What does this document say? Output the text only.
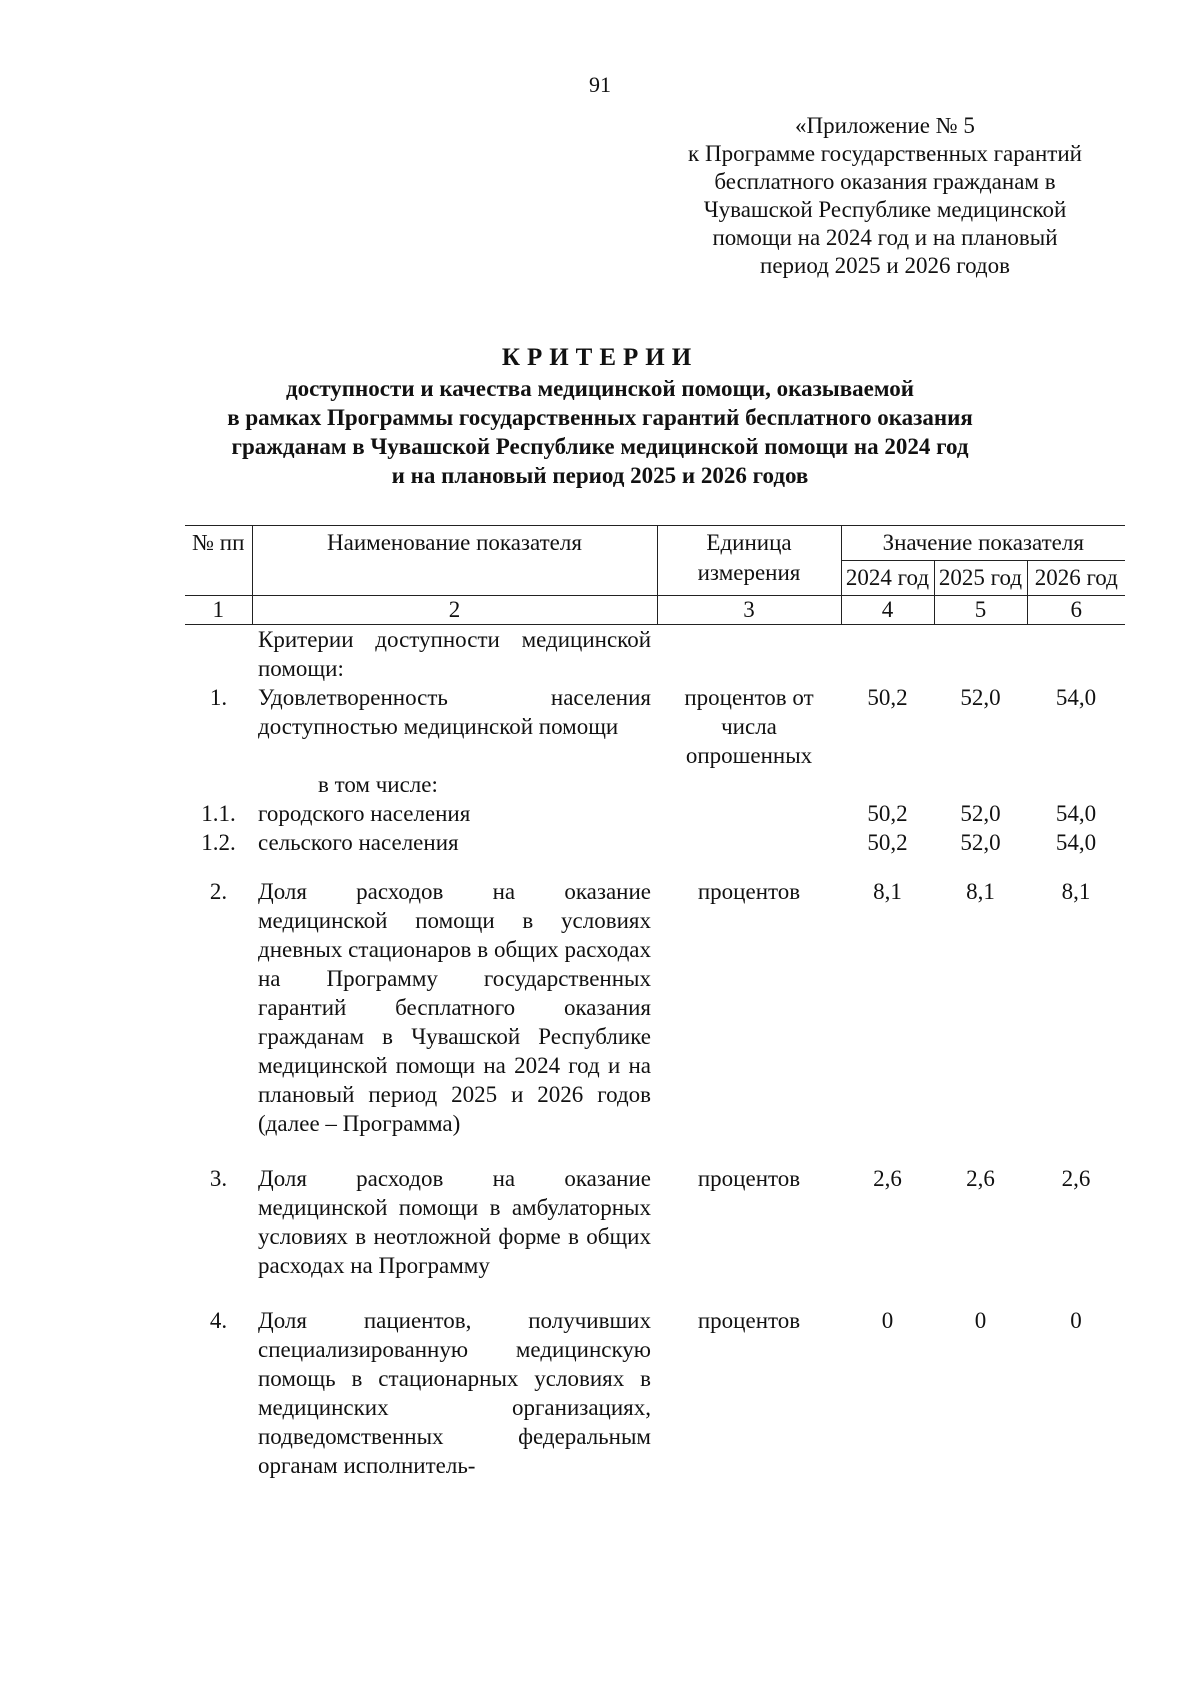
91
«Приложение № 5
к Программе государственных гарантий
бесплатного оказания гражданам в
Чувашской Республике медицинской
помощи на 2024 год и на плановый
период 2025 и 2026 годов
КРИТЕРИИ
доступности и качества медицинской помощи, оказываемой
в рамках Программы государственных гарантий бесплатного оказания
гражданам в Чувашской Республике медицинской помощи на 2024 год
и на плановый период 2025 и 2026 годов
№ пп	Наименование показателя	Единица измерения	Значение показателя		
			2024 год	2025 год	2026 год
1	2	3	4	5	6
	Критерии доступности медицинской помощи:				
1.	Удовлетворенность населения доступностью медицинской помощи	процентов от числа опрошенных	50,2	52,0	54,0
	в том числе:				
1.1.	городского населения		50,2	52,0	54,0
1.2.	сельского населения		50,2	52,0	54,0

2.	Доля расходов на оказание медицинской помощи в условиях дневных стационаров в общих расходах на Программу государственных гарантий бесплатного оказания гражданам в Чувашской Республике медицинской помощи на 2024 год и на плановый период 2025 и 2026 годов (далее – Программа)	процентов	8,1	8,1	8,1

3.	Доля расходов на оказание медицинской помощи в амбулаторных условиях в неотложной форме в общих расходах на Программу	процентов	2,6	2,6	2,6

4.	Доля пациентов, получивших специализированную медицинскую помощь в стационарных условиях в медицинских организациях, подведомственных федеральным органам исполнитель-	процентов	0	0	0
